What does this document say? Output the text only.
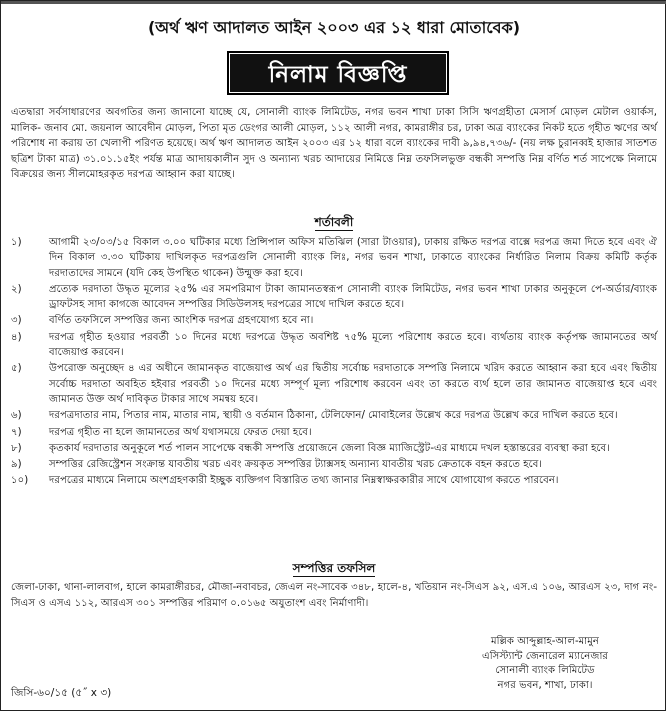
(অর্থ ঋণ আদালত আইন ২০০৩ এর ১২ ধারা মোতাবেক)
নিলাম বিজ্ঞপ্তি
এতদ্বারা সর্বসাধারণের অবগতির জন্য জানানো যাচ্ছে যে, সোনালী ব্যাংক লিমিটেড, নগর ভবন শাখা ঢাকা সিসি ঋণগ্রহীতা মেসার্স মোড়ল মেটাল ওয়ার্কস, মালিক- জনাব মো. জয়নাল আবেদীন মোড়ল, পিতা মৃত ডেংগর আলী মোড়ল, ১১২ আলী নগর, কামরাঙ্গীর চর, ঢাকা অত্র ব্যাংকের নিকট হতে গৃহীত ঋণের অর্থ পরিশোধ না করায় তা খেলাপী পরিণত হয়েছে। অর্থ ঋণ আদালত আইন ২০০৩ এর ১২ ধারা বলে ব্যাংকের দাবী ৯,৯৪,৭৩৬/- (নয় লক্ষ চুরানব্বই হাজার সাতশত ছত্রিশ টাকা মাত্র) ৩১.০১.১৫ইং পর্যন্ত মাত্র আদায়কালীন সুদ ও অন্যান্য খরচ আদায়ের নিমিত্তে নিম্ন তফসিলভুক্ত বন্ধকী সম্পত্তি নিম্ন বর্ণিত শর্ত সাপেক্ষে নিলামে বিক্রয়ের জন্য সীলমোহরকৃত দরপত্র আহ্বান করা যাচ্ছে।
শর্তাবলী
১)	আগামী ২৩/০৩/১৫ বিকাল ৩.০০ ঘটিকার মধ্যে প্রিন্সিপাল অফিস মতিঝিল (সারা টাওয়ার), ঢাকায় রক্ষিত দরপত্র বাক্সে দরপত্র জমা দিতে হবে এবং ঐ দিন বিকাল ৩.৩০ ঘটিকায় দাখিলকৃত দরপত্রগুলি সোনালী ব্যাংক লিঃ, নগর ভবন শাখা, ঢাকাতে ব্যাংকের নির্ধারিত নিলাম বিক্রয় কমিটি কর্তৃক দরদাতাদের সামনে (যদি কেহ উপস্থিত থাকেন) উন্মুক্ত করা হবে।
২)	প্রত্যেক দরদাতা উদ্ধৃত মূল্যের ২৫% এর সমপরিমাণ টাকা জামানতস্বরূপ সোনালী ব্যাংক লিমিটেড, নগর ভবন শাখা ঢাকার অনুকূলে পে-অর্ডার/ব্যাংক ড্রাফটসহ সাদা কাগজে আবেদন সম্পত্তির সিডিউলসহ দরপত্রের সাথে দাখিল করতে হবে।
৩)	বর্ণিত তফসিলে সম্পত্তির জন্য আংশিক দরপত্র গ্রহণযোগ্য হবে না।
৪)	দরপত্র গৃহীত হওয়ার পরবর্তী ১০ দিনের মধ্যে দরপত্রে উদ্ধৃত অবশিষ্ট ৭৫% মূল্যে পরিশোধ করতে হবে। ব্যর্থতায় ব্যাংক কর্তৃপক্ষ জামানতের অর্থ বাজেয়াপ্ত করবেন।
৫)	উপরোক্ত অনুচ্ছেদ ৪ এর অধীনে জামানকৃত বাজেয়াপ্ত অর্থ এর দ্বিতীয় সর্বোচ্চ দরদাতাকে সম্পত্তি নিলামে খরিদ করতে আহ্বান করা হবে এবং দ্বিতীয় সর্বোচ্চ দরদাতা অবহিত হইবার পরবর্তী ১০ দিনের মধ্যে সম্পূর্ণ মূল্য পরিশোধ করবেন এবং তা করতে ব্যর্থ হলে তার জামানত বাজেয়াপ্ত হবে এবং জামানত উক্ত অর্থ দাবিকৃত টাকার সাথে সমন্বয় হবে।
৬)	দরপত্রদাতার নাম, পিতার নাম, মাতার নাম, স্থায়ী ও বর্তমান ঠিকানা, টেলিফোন/ মোবাইলের উল্লেখ করে দরপত্র উল্লেখ করে দাখিল করতে হবে।
৭)	দরপত্র গৃহীত না হলে জামানতের অর্থ যথাসময়ে ফেরত দেয়া হবে।
৮)	কৃতকার্য দরদাতার অনুকূলে শর্ত পালন সাপেক্ষে বন্ধকী সম্পত্তি প্রয়োজনে জেলা বিজ্ঞ ম্যাজিস্ট্রেট-এর মাধ্যমে দখল হস্তান্তরের ব্যবস্থা করা হবে।
৯)	সম্পত্তির রেজিস্ট্রেশন সংক্রান্ত যাবতীয় খরচ এবং ক্রয়কৃত সম্পত্তির ট্যাক্সসহ অন্যান্য যাবতীয় খরচ ক্রেতাকে বহন করতে হবে।
১০)	দরপত্রের মাধ্যমে নিলামে অংশগ্রহণকারী ইচ্ছুক ব্যক্তিগণ বিস্তারিত তথ্য জানার নিম্নস্বাক্ষরকারীর সাথে যোগাযোগ করতে পারবেন।
সম্পত্তির তফসিল
জেলা-ঢাকা, থানা-লালবাগ, হালে কামরাঙ্গীরচর, মৌজা-নবাবচর, জেএল নং-সাবেক ৩৪৮, হালে-৪, খতিয়ান নং-সিএস ৯২, এস.এ ১০৬, আরএস ২৩, দাগ নং-সিএস ও এসএ ১১২, আরএস ৩০১ সম্পত্তির পরিমাণ ০.০১৬৫ অযুতাংশ এবং নির্মাণাদী।
মল্লিক আব্দুল্লাহ-আল-মামুন
এসিস্ট্যান্ট জেনারেল ম্যানেজার
সোনালী ব্যাংক লিমিটেড
নগর ভবন, শাখা, ঢাকা।
জিসি-৬০/১৫ (৫˝ x ৩)
